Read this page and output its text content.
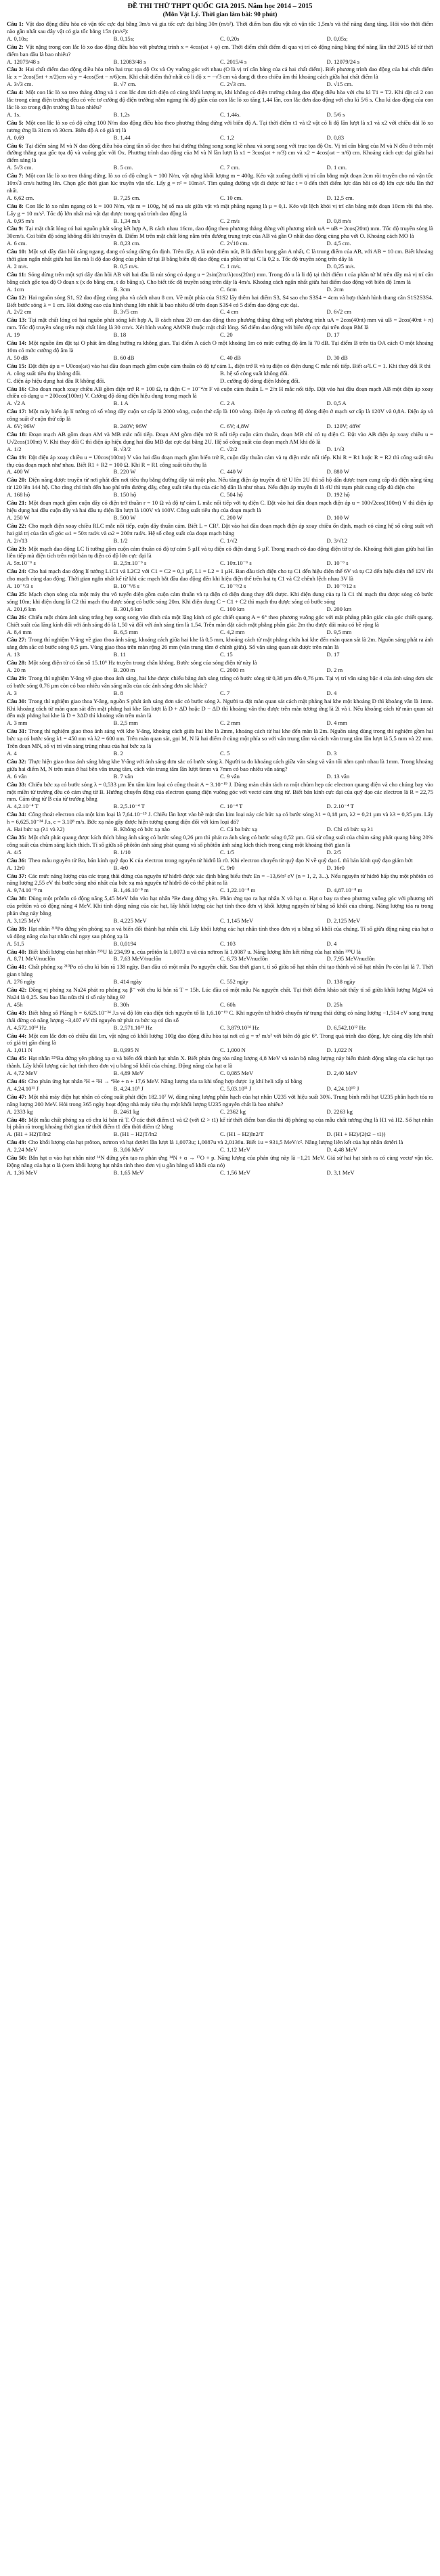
ĐỀ THI THỬ THPT QUỐC GIA 2015. Năm học 2014 – 2015
(Môn Vật Lý. Thời gian làm bài: 90 phút)
Câu 1: Vật dao động điều hòa có vận tốc cực đại bằng 3m/s và gia tốc cực đại bằng 30π (m/s²). Thời điểm ban đầu vật có vận tốc 1,5m/s và thế năng đang tăng. Hỏi vào thời điểm nào gần nhất sau đây vật có gia tốc bằng 15π (m/s²):
A. 0,10s;	B. 0,15s;	C. 0,20s	D. 0,05s;
Câu 2: Vật nặng trong con lắc lò xo dao động điều hòa với phương trình x = 4cos(ωt + φ) cm. Thời điểm chất điểm đi qua vị trí có động năng bằng thế năng lần thứ 2015 kể từ thời điểm ban đầu là bao nhiêu?
A. 12079/48 s	B. 12083/48 s	C. 2015/4 s	D. 12079/24 s
Câu 3: Hai chất điểm dao động điều hòa trên hai trục tọa độ Ox và Oy vuông góc với nhau (O là vị trí cân bằng của cả hai chất điểm). Biết phương trình dao động của hai chất điểm là: x = 2cos(5πt + π/2)cm và y = 4cos(5πt − π/6)cm. Khi chất điểm thứ nhất có li độ x = −√3 cm và đang đi theo chiều âm thì khoảng cách giữa hai chất điểm là
A. 3√3 cm.	B. √7 cm.	C. 2√3 cm.	D. √15 cm.
Câu 4: Một con lắc lò xo treo thẳng đứng và 1 con lắc đơn tích điện có cùng khối lượng m, khi không có điện trường chúng dao động điều hòa với chu kì T1 = T2. Khi đặt cả 2 con lắc trong cùng điện trường đều có véc tơ cường độ điện trường nằm ngang thì độ giãn của con lắc lò xo tăng 1,44 lần, con lắc đơn dao động với chu kì 5/6 s. Chu kì dao động của con lắc lò xo trong điện trường là bao nhiêu?
A. 1s.	B. 1,2s	C. 1,44s.	D. 5/6 s
Câu 5: Một con lắc lò xo có độ cứng 100 N/m dao động điều hòa theo phương thẳng đứng với biên độ A. Tại thời điểm t1 và t2 vật có li độ lần lượt là x1 và x2 với chiều dài lò xo tương ứng là 31cm và 30cm. Biên độ A có giá trị là
A. 0,69	B. 1,44	C. 1,2	D. 0,83
Câu 6: Tại điểm sáng M và N dao động điều hòa cùng tần số dọc theo hai đường thẳng song song kề nhau và song song với trục tọa độ Ox. Vị trí cân bằng của M và N đều ở trên một đường thẳng qua gốc tọa độ và vuông góc với Ox. Phương trình dao động của M và N lần lượt là x1 = 3cos(ωt + π/3) cm và x2 = 4cos(ωt − π/6) cm. Khoảng cách cực đại giữa hai điểm sáng là
A. 5√3 cm.	B. 5 cm.	C. 7 cm.	D. 1 cm.
Câu 7: Một con lắc lò xo treo thẳng đứng, lò xo có độ cứng k = 100 N/m, vật nặng khối lượng m = 400g. Kéo vật xuống dưới vị trí cân bằng một đoạn 2cm rồi truyền cho nó vận tốc 10π√3 cm/s hướng lên. Chọn gốc thời gian lúc truyền vận tốc. Lấy g = π² = 10m/s². Tìm quãng đường vật đi được từ lúc t = 0 đến thời điểm lực đàn hồi có độ lớn cực tiểu lần thứ nhất.
A. 6,62 cm.	B. 7,25 cm.	C. 10 cm.	D. 12,5 cm.
Câu 8: Con lắc lò xo nằm ngang có k = 100 N/m, vật m = 100g, hệ số ma sát giữa vật và mặt phẳng ngang là µ = 0,1. Kéo vật lệch khỏi vị trí cân bằng một đoạn 10cm rồi thả nhẹ. Lấy g = 10 m/s². Tốc độ lớn nhất mà vật đạt được trong quá trình dao động là
A. 0,95 m/s	B. 1,34 m/s	C. 2 m/s	D. 0,8 m/s
Câu 9: Tại mặt chất lỏng có hai nguồn phát sóng kết hợp A, B cách nhau 16cm, dao động theo phương thẳng đứng với phương trình uA = uB = 2cos(20πt) mm. Tốc độ truyền sóng là 30cm/s. Coi biên độ sóng không đổi khi truyền đi. Điểm M trên mặt chất lỏng nằm trên đường trung trực của AB và gần O nhất dao động cùng pha với O. Khoảng cách MO là
A. 6 cm.	B. 8,23 cm.	C. 2√10 cm.	D. 4,5 cm.
Câu 10: Một sợi dây đàn hồi căng ngang, đang có sóng dừng ổn định. Trên dây, A là một điểm nút, B là điểm bụng gần A nhất, C là trung điểm của AB, với AB = 10 cm. Biết khoảng thời gian ngắn nhất giữa hai lần mà li độ dao động của phần tử tại B bằng biên độ dao động của phần tử tại C là 0,2 s. Tốc độ truyền sóng trên dây là
A. 2 m/s.	B. 0,5 m/s.	C. 1 m/s.	D. 0,25 m/s.
Câu 11: Sóng dừng trên một sợi dây đàn hồi AB với hai đầu là nút sóng có dạng u = 2sin(2πx/λ)cos(20πt) mm. Trong đó u là li độ tại thời điểm t của phần tử M trên dây mà vị trí cân bằng cách gốc tọa độ O đoạn x (x đo bằng cm, t đo bằng s). Cho biết tốc độ truyền sóng trên dây là 4m/s. Khoảng cách ngắn nhất giữa hai điểm dao động với biên độ 1mm là
A. 1cm	B. 3cm	C. 6cm	D. 2cm
Câu 12: Hai nguồn sóng S1, S2 dao động cùng pha và cách nhau 8 cm. Về một phía của S1S2 lấy thêm hai điểm S3, S4 sao cho S3S4 = 4cm và hợp thành hình thang cân S1S2S3S4. Biết bước sóng λ = 1 cm. Hỏi đường cao của hình thang lớn nhất là bao nhiêu để trên đoạn S3S4 có 5 điểm dao động cực đại.
A. 2√2 cm	B. 3√5 cm	C. 4 cm	D. 6√2 cm
Câu 13: Tại mặt chất lỏng có hai nguồn phát sóng kết hợp A, B cách nhau 20 cm dao động theo phương thẳng đứng với phương trình uA = 2cos(40πt) mm và uB = 2cos(40πt + π) mm. Tốc độ truyền sóng trên mặt chất lỏng là 30 cm/s. Xét hình vuông AMNB thuộc mặt chất lỏng. Số điểm dao động với biên độ cực đại trên đoạn BM là
A. 19	B. 18	C. 20	D. 17
Câu 14: Một nguồn âm đặt tại O phát âm đẳng hướng ra không gian. Tại điểm A cách O một khoảng 1m có mức cường độ âm là 70 dB. Tại điểm B trên tia OA cách O một khoảng 10m có mức cường độ âm là
A. 50 dB	B. 60 dB	C. 40 dB	D. 30 dB
Câu 15: Đặt điện áp u = U0cos(ωt) vào hai đầu đoạn mạch gồm cuộn cảm thuần có độ tự cảm L, điện trở R và tụ điện có điện dung C mắc nối tiếp. Biết ω²LC = 1. Khi thay đổi R thì
A. công suất tiêu thụ không đổi.	B. hệ số công suất không đổi.
C. điện áp hiệu dụng hai đầu R không đổi.	D. cường độ dòng điện không đổi.
Câu 16: Cho đoạn mạch xoay chiều AB gồm điện trở R = 100 Ω, tụ điện C = 10⁻⁴/π F và cuộn cảm thuần L = 2/π H mắc nối tiếp. Đặt vào hai đầu đoạn mạch AB một điện áp xoay chiều có dạng u = 200cos(100πt) V. Cường độ dòng điện hiệu dụng trong mạch là
A. √2 A	B. 1 A	C. 2 A	D. 0,5 A
Câu 17: Một máy biến áp lí tưởng có số vòng dây cuộn sơ cấp là 2000 vòng, cuộn thứ cấp là 100 vòng. Điện áp và cường độ dòng điện ở mạch sơ cấp là 120V và 0,8A. Điện áp và công suất ở cuộn thứ cấp là
A. 6V; 96W	B. 240V; 96W	C. 6V; 4,8W	D. 120V; 48W
Câu 18: Đoạn mạch AB gồm đoạn AM và MB mắc nối tiếp. Đoạn AM gồm điện trở R nối tiếp cuộn cảm thuần, đoạn MB chỉ có tụ điện C. Đặt vào AB điện áp xoay chiều u = U√2cos(100πt) V. Khi thay đổi C thì điện áp hiệu dụng hai đầu MB đạt cực đại bằng 2U. Hệ số công suất của đoạn mạch AM khi đó là
A. 1/2	B. √3/2	C. √2/2	D. 1/√3
Câu 19: Đặt điện áp xoay chiều u = U0cos(100πt) V vào hai đầu đoạn mạch gồm biến trở R, cuộn dây thuần cảm và tụ điện mắc nối tiếp. Khi R = R1 hoặc R = R2 thì công suất tiêu thụ của đoạn mạch như nhau. Biết R1 + R2 = 100 Ω. Khi R = R1 công suất tiêu thụ là
A. 400 W	B. 220 W	C. 440 W	D. 880 W
Câu 20: Điện năng được truyền từ nơi phát đến nơi tiêu thụ bằng đường dây tải một pha. Nếu tăng điện áp truyền đi từ U lên 2U thì số hộ dân được trạm cung cấp đủ điện năng tăng từ 120 lên 144 hộ. Cho rằng chỉ tính đến hao phí trên đường dây, công suất tiêu thụ của các hộ dân là như nhau. Nếu điện áp truyền đi là 4U thì trạm phát cung cấp đủ điện cho
A. 168 hộ	B. 150 hộ	C. 504 hộ	D. 192 hộ
Câu 21: Một đoạn mạch gồm cuộn dây có điện trở thuần r = 10 Ω và độ tự cảm L mắc nối tiếp với tụ điện C. Đặt vào hai đầu đoạn mạch điện áp u = 100√2cos(100πt) V thì điện áp hiệu dụng hai đầu cuộn dây và hai đầu tụ điện lần lượt là 100V và 100V. Công suất tiêu thụ của đoạn mạch là
A. 250 W	B. 500 W	C. 200 W	D. 100 W
Câu 22: Cho mạch điện xoay chiều RLC mắc nối tiếp, cuộn dây thuần cảm. Biết L = CR². Đặt vào hai đầu đoạn mạch điện áp xoay chiều ổn định, mạch có cùng hệ số công suất với hai giá trị của tần số góc ω1 = 50π rad/s và ω2 = 200π rad/s. Hệ số công suất của đoạn mạch bằng
A. 2/√13	B. 1/2	C. 1/√2	D. 3/√12
Câu 23: Một mạch dao động LC lí tưởng gồm cuộn cảm thuần có độ tự cảm 5 µH và tụ điện có điện dung 5 µF. Trong mạch có dao động điện từ tự do. Khoảng thời gian giữa hai lần liên tiếp mà điện tích trên một bản tụ điện có độ lớn cực đại là
A. 5π.10⁻⁶ s	B. 2,5π.10⁻⁶ s	C. 10π.10⁻⁶ s	D. 10⁻⁶ s
Câu 24: Cho hai mạch dao động lí tưởng L1C1 và L2C2 với C1 = C2 = 0,1 µF, L1 = L2 = 1 µH. Ban đầu tích điện cho tụ C1 đến hiệu điện thế 6V và tụ C2 đến hiệu điện thế 12V rồi cho mạch cùng dao động. Thời gian ngắn nhất kể từ khi các mạch bắt đầu dao động đến khi hiệu điện thế trên hai tụ C1 và C2 chênh lệch nhau 3V là
A. 10⁻⁶/3 s	B. 10⁻⁶/6 s	C. 10⁻⁶/2 s	D. 10⁻⁶/12 s
Câu 25: Mạch chọn sóng của một máy thu vô tuyến điện gồm cuộn cảm thuần và tụ điện có điện dung thay đổi được. Khi điện dung của tụ là C1 thì mạch thu được sóng có bước sóng 10m; khi điện dung là C2 thì mạch thu được sóng có bước sóng 20m. Khi điện dung C = C1 + C2 thì mạch thu được sóng có bước sóng
A. 201,6 km	B. 301,6 km	C. 100 km	D. 200 km
Câu 26: Chiếu một chùm ánh sáng trắng hẹp song song vào đỉnh của một lăng kính có góc chiết quang A = 6° theo phương vuông góc với mặt phẳng phân giác của góc chiết quang. Chiết suất của lăng kính đối với ánh sáng đỏ là 1,50 và đối với ánh sáng tím là 1,54. Trên màn đặt cách mặt phẳng phân giác 2m thu được dải màu có bề rộng là
A. 8,4 mm	B. 6,5 mm	C. 4,2 mm	D. 9,5 mm
Câu 27: Trong thí nghiệm Y-âng về giao thoa ánh sáng, khoảng cách giữa hai khe là 0,5 mm, khoảng cách từ mặt phẳng chứa hai khe đến màn quan sát là 2m. Nguồn sáng phát ra ánh sáng đơn sắc có bước sóng 0,5 µm. Vùng giao thoa trên màn rộng 26 mm (vân trung tâm ở chính giữa). Số vân sáng quan sát được trên màn là
A. 13	B. 11	C. 15	D. 17
Câu 28: Một sóng điện từ có tần số 15.10⁶ Hz truyền trong chân không. Bước sóng của sóng điện từ này là
A. 20 m	B. 200 m	C. 2000 m	D. 2 m
Câu 29: Trong thí nghiệm Y-âng về giao thoa ánh sáng, hai khe được chiếu bằng ánh sáng trắng có bước sóng từ 0,38 µm đến 0,76 µm. Tại vị trí vân sáng bậc 4 của ánh sáng đơn sắc có bước sóng 0,76 µm còn có bao nhiêu vân sáng nữa của các ánh sáng đơn sắc khác?
A. 3	B. 8	C. 7	D. 4
Câu 30: Trong thí nghiệm giao thoa Y-âng, nguồn S phát ánh sáng đơn sắc có bước sóng λ. Người ta đặt màn quan sát cách mặt phẳng hai khe một khoảng D thì khoảng vân là 1mm. Khi khoảng cách từ màn quan sát đến mặt phẳng hai khe lần lượt là D + ΔD hoặc D − ΔD thì khoảng vân thu được trên màn tương ứng là 2i và i. Nếu khoảng cách từ màn quan sát đến mặt phẳng hai khe là D + 3ΔD thì khoảng vân trên màn là
A. 3 mm	B. 2,5 mm	C. 2 mm	D. 4 mm
Câu 31: Trong thí nghiệm giao thoa ánh sáng với khe Y-âng, khoảng cách giữa hai khe là 2mm, khoảng cách từ hai khe đến màn là 2m. Nguồn sáng dùng trong thí nghiệm gồm hai bức xạ có bước sóng λ1 = 450 nm và λ2 = 600 nm. Trên màn quan sát, gọi M, N là hai điểm ở cùng một phía so với vân trung tâm và cách vân trung tâm lần lượt là 5,5 mm và 22 mm. Trên đoạn MN, số vị trí vân sáng trùng nhau của hai bức xạ là
A. 4	B. 2	C. 5	D. 3
Câu 32: Thực hiện giao thoa ánh sáng bằng khe Y-âng với ánh sáng đơn sắc có bước sóng λ. Người ta đo khoảng cách giữa vân sáng và vân tối nằm cạnh nhau là 1mm. Trong khoảng giữa hai điểm M, N trên màn ở hai bên vân trung tâm, cách vân trung tâm lần lượt 6mm và 7mm có bao nhiêu vân sáng?
A. 6 vân	B. 7 vân	C. 9 vân	D. 13 vân
Câu 33: Chiếu bức xạ có bước sóng λ = 0,533 µm lên tấm kim loại có công thoát A = 3.10⁻¹⁹ J. Dùng màn chắn tách ra một chùm hẹp các electron quang điện và cho chúng bay vào một miền từ trường đều có cảm ứng từ B. Hướng chuyển động của electron quang điện vuông góc với vectơ cảm ứng từ. Biết bán kính cực đại của quỹ đạo các electron là R = 22,75 mm. Cảm ứng từ B của từ trường bằng
A. 4,2.10⁻⁴ T	B. 2,5.10⁻⁴ T	C. 10⁻⁴ T	D. 2.10⁻⁴ T
Câu 34: Công thoát electron của một kim loại là 7,64.10⁻¹⁹ J. Chiếu lần lượt vào bề mặt tấm kim loại này các bức xạ có bước sóng λ1 = 0,18 µm, λ2 = 0,21 µm và λ3 = 0,35 µm. Lấy h = 6,625.10⁻³⁴ J.s, c = 3.10⁸ m/s. Bức xạ nào gây được hiện tượng quang điện đối với kim loại đó?
A. Hai bức xạ (λ1 và λ2)	B. Không có bức xạ nào	C. Cả ba bức xạ	D. Chỉ có bức xạ λ1
Câu 35: Một chất phát quang được kích thích bằng ánh sáng có bước sóng 0,26 µm thì phát ra ánh sáng có bước sóng 0,52 µm. Giả sử công suất của chùm sáng phát quang bằng 20% công suất của chùm sáng kích thích. Tỉ số giữa số phôtôn ánh sáng phát quang và số phôtôn ánh sáng kích thích trong cùng một khoảng thời gian là
A. 4/5	B. 1/10	C. 1/5	D. 2/5
Câu 36: Theo mẫu nguyên tử Bo, bán kính quỹ đạo K của electron trong nguyên tử hiđrô là r0. Khi electron chuyển từ quỹ đạo N về quỹ đạo L thì bán kính quỹ đạo giảm bớt
A. 12r0	B. 4r0	C. 9r0	D. 16r0
Câu 37: Các mức năng lượng của các trạng thái dừng của nguyên tử hiđrô được xác định bằng biểu thức En = −13,6/n² eV (n = 1, 2, 3...). Nếu nguyên tử hiđrô hấp thụ một phôtôn có năng lượng 2,55 eV thì bước sóng nhỏ nhất của bức xạ mà nguyên tử hiđrô đó có thể phát ra là
A. 9,74.10⁻⁸ m	B. 1,46.10⁻⁸ m	C. 1,22.10⁻⁸ m	D. 4,87.10⁻⁸ m
Câu 38: Dùng một prôtôn có động năng 5,45 MeV bắn vào hạt nhân ⁹Be đang đứng yên. Phản ứng tạo ra hạt nhân X và hạt α. Hạt α bay ra theo phương vuông góc với phương tới của prôtôn và có động năng 4 MeV. Khi tính động năng của các hạt, lấy khối lượng các hạt tính theo đơn vị khối lượng nguyên tử bằng số khối của chúng. Năng lượng tỏa ra trong phản ứng này bằng
A. 3,125 MeV	B. 4,225 MeV	C. 1,145 MeV	D. 2,125 MeV
Câu 39: Hạt nhân ²¹⁰Po đứng yên phóng xạ α và biến đổi thành hạt nhân chì. Lấy khối lượng các hạt nhân tính theo đơn vị u bằng số khối của chúng. Tỉ số giữa động năng của hạt α và động năng của hạt nhân chì ngay sau phóng xạ là
A. 51,5	B. 0,0194	C. 103	D. 4
Câu 40: Biết khối lượng của hạt nhân ²³⁵U là 234,99 u, của prôtôn là 1,0073 u và của nơtron là 1,0087 u. Năng lượng liên kết riêng của hạt nhân ²³⁵U là
A. 8,71 MeV/nuclôn	B. 7,63 MeV/nuclôn	C. 6,73 MeV/nuclôn	D. 7,95 MeV/nuclôn
Câu 41: Chất phóng xạ ²¹⁰Po có chu kì bán rã 138 ngày. Ban đầu có một mẫu Po nguyên chất. Sau thời gian t, tỉ số giữa số hạt nhân chì tạo thành và số hạt nhân Po còn lại là 7. Thời gian t bằng
A. 276 ngày	B. 414 ngày	C. 552 ngày	D. 138 ngày
Câu 42: Đồng vị phóng xạ Na24 phát ra phóng xạ β⁻ với chu kì bán rã T = 15h. Lúc đầu có một mẫu Na nguyên chất. Tại thời điểm khảo sát thấy tỉ số giữa khối lượng Mg24 và Na24 là 0,25. Sau bao lâu nữa thì tỉ số này bằng 9?
A. 45h	B. 30h	C. 60h	D. 25h
Câu 43: Biết hằng số Plăng h = 6,625.10⁻³⁴ J.s và độ lớn của điện tích nguyên tố là 1,6.10⁻¹⁹ C. Khi nguyên tử hiđrô chuyển từ trạng thái dừng có năng lượng −1,514 eV sang trạng thái dừng có năng lượng −3,407 eV thì nguyên tử phát ra bức xạ có tần số
A. 4,572.10¹⁴ Hz	B. 2,571.10¹³ Hz	C. 3,879.10¹⁴ Hz	D. 6,542.10¹² Hz
Câu 44: Một con lắc đơn có chiều dài 1m, vật nặng có khối lượng 100g dao động điều hòa tại nơi có g = π² m/s² với biên độ góc 6°. Trong quá trình dao động, lực căng dây lớn nhất có giá trị gần đúng là
A. 1,011 N	B. 0,995 N	C. 1,000 N	D. 1,022 N
Câu 45: Hạt nhân ²²⁶Ra đứng yên phóng xạ α và biến đổi thành hạt nhân X. Biết phản ứng tỏa năng lượng 4,8 MeV và toàn bộ năng lượng này biến thành động năng của các hạt tạo thành. Lấy khối lượng các hạt tính theo đơn vị u bằng số khối của chúng. Động năng của hạt α là
A. 4,72 MeV	B. 4,89 MeV	C. 0,085 MeV	D. 2,40 MeV
Câu 46: Cho phản ứng hạt nhân ³H + ²H → ⁴He + n + 17,6 MeV. Năng lượng tỏa ra khi tổng hợp được 1g khí heli xấp xỉ bằng
A. 4,24.10¹¹ J	B. 4,24.10⁵ J	C. 5,03.10¹¹ J	D. 4,24.10¹⁰ J
Câu 47: Một nhà máy điện hạt nhân có công suất phát điện 182.10⁷ W, dùng năng lượng phân hạch của hạt nhân U235 với hiệu suất 30%. Trung bình mỗi hạt U235 phân hạch tỏa ra năng lượng 200 MeV. Hỏi trong 365 ngày hoạt động nhà máy tiêu thụ một khối lượng U235 nguyên chất là bao nhiêu?
A. 2333 kg	B. 2461 kg	C. 2362 kg	D. 2263 kg
Câu 48: Một mẫu chất phóng xạ có chu kì bán rã T. Ở các thời điểm t1 và t2 (với t2 > t1) kể từ thời điểm ban đầu thì độ phóng xạ của mẫu chất tương ứng là H1 và H2. Số hạt nhân bị phân rã trong khoảng thời gian từ thời điểm t1 đến thời điểm t2 bằng
A. (H1 + H2)T/ln2	B. (H1 − H2)T/ln2	C. (H1 − H2)ln2/T	D. (H1 + H2)/(2(t2 − t1))
Câu 49: Cho khối lượng của hạt prôton, nơtron và hạt đơtêri lần lượt là 1,0073u; 1,0087u và 2,0136u. Biết 1u = 931,5 MeV/c². Năng lượng liên kết của hạt nhân đơtêri là
A. 2,24 MeV	B. 3,06 MeV	C. 1,12 MeV	D. 4,48 MeV
Câu 50: Bắn hạt α vào hạt nhân nitơ ¹⁴N đứng yên tạo ra phản ứng ¹⁴N + α → ¹⁷O + p. Năng lượng của phản ứng này là −1,21 MeV. Giả sử hai hạt sinh ra có cùng vectơ vận tốc. Động năng của hạt α là (xem khối lượng hạt nhân tính theo đơn vị u gần bằng số khối của nó)
A. 1,36 MeV	B. 1,65 MeV	C. 1,56 MeV	D. 3,1 MeV
